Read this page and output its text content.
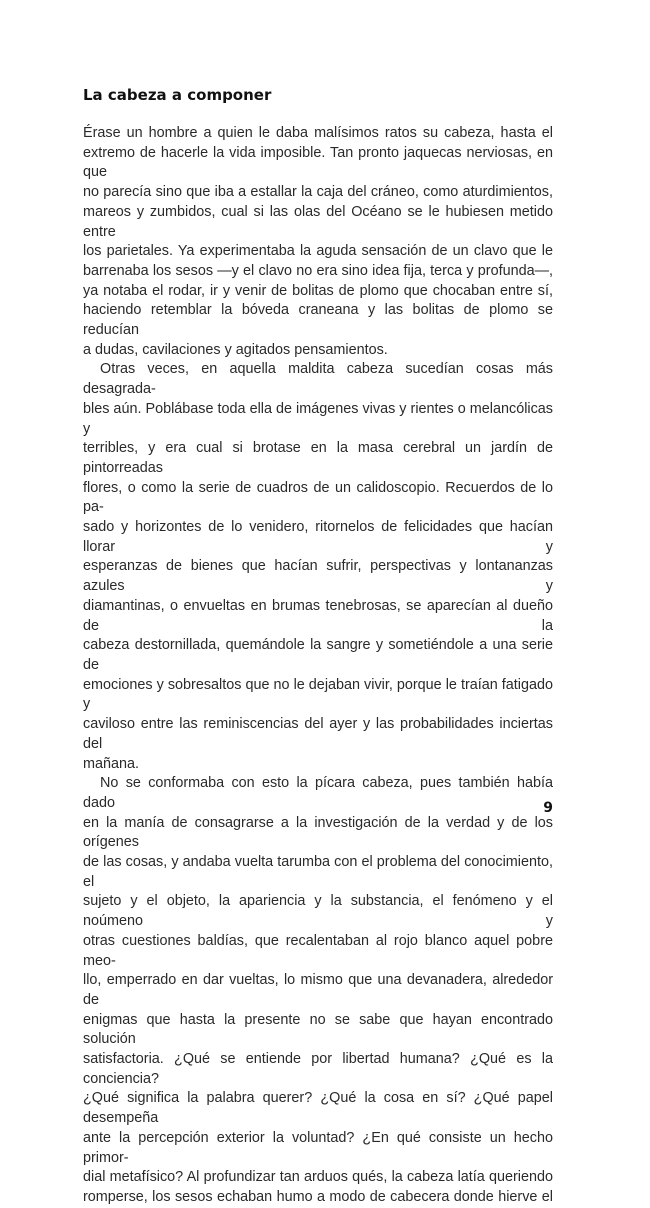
La cabeza a componer

Érase un hombre a quien le daba malísimos ratos su cabeza, hasta el

extremo de hacerle la vida imposible. Tan pronto jaquecas nerviosas, en que

no parecía sino que iba a estallar la caja del cráneo, como aturdimientos,

mareos y zumbidos, cual si las olas del Océano se le hubiesen metido entre

los parietales. Ya experimentaba la aguda sensación de un clavo que le

barrenaba los sesos —y el clavo no era sino idea fija, terca y profunda—,

ya notaba el rodar, ir y venir de bolitas de plomo que chocaban entre sí,

haciendo retemblar la bóveda craneana y las bolitas de plomo se reducían

a dudas, cavilaciones y agitados pensamientos.

Otras veces, en aquella maldita cabeza sucedían cosas más desagrada-

bles aún. Poblábase toda ella de imágenes vivas y rientes o melancólicas y

terribles, y era cual si brotase en la masa cerebral un jardín de pintorreadas

flores, o como la serie de cuadros de un calidoscopio. Recuerdos de lo pa-

sado y horizontes de lo venidero, ritornelos de felicidades que hacían llorar y

esperanzas de bienes que hacían sufrir, perspectivas y lontananzas azules y

diamantinas, o envueltas en brumas tenebrosas, se aparecían al dueño de la

cabeza destornillada, quemándole la sangre y sometiéndole a una serie de

emociones y sobresaltos que no le dejaban vivir, porque le traían fatigado y

caviloso entre las reminiscencias del ayer y las probabilidades inciertas del

mañana.

No se conformaba con esto la pícara cabeza, pues también había dado

en la manía de consagrarse a la investigación de la verdad y de los orígenes

de las cosas, y andaba vuelta tarumba con el problema del conocimiento, el

sujeto y el objeto, la apariencia y la substancia, el fenómeno y el noúmeno y

otras cuestiones baldías, que recalentaban al rojo blanco aquel pobre meo-

llo, emperrado en dar vueltas, lo mismo que una devanadera, alrededor de

enigmas que hasta la presente no se sabe que hayan encontrado solución

satisfactoria. ¿Qué se entiende por libertad humana? ¿Qué es la conciencia?

¿Qué significa la palabra querer? ¿Qué la cosa en sí? ¿Qué papel desempeña

ante la percepción exterior la voluntad? ¿En qué consiste un hecho primor-

dial metafísico? Al profundizar tan arduos qués, la cabeza latía queriendo

romperse, los sesos echaban humo a modo de cabecera donde hierve el

9
